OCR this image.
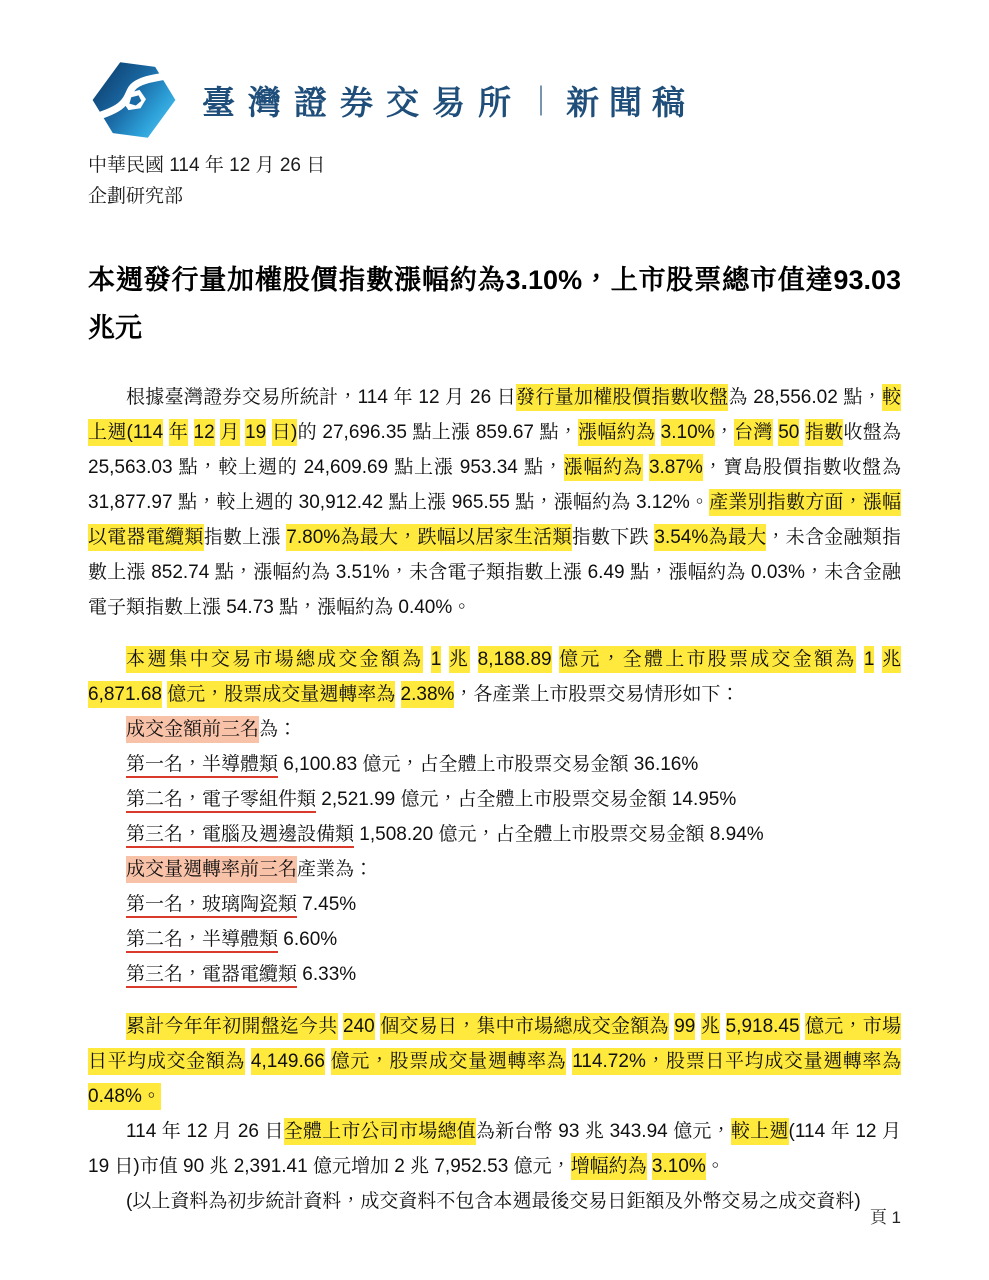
臺灣證券交易所 ｜ 新聞稿
中華民國 114 年 12 月 26 日
企劃研究部
本週發行量加權股價指數漲幅約為3.10%，上市股票總市值達93.03兆元
根據臺灣證券交易所統計，114 年 12 月 26 日發行量加權股價指數收盤為 28,556.02 點，較上週(114 年 12 月 19 日)的 27,696.35 點上漲 859.67 點，漲幅約為 3.10%，台灣 50 指數收盤為 25,563.03 點，較上週的 24,609.69 點上漲 953.34 點，漲幅約為 3.87%，寶島股價指數收盤為 31,877.97 點，較上週的 30,912.42 點上漲 965.55 點，漲幅約為 3.12%。產業別指數方面，漲幅以電器電纜類指數上漲 7.80%為最大，跌幅以居家生活類指數下跌 3.54%為最大，未含金融類指數上漲 852.74 點，漲幅約為 3.51%，未含電子類指數上漲 6.49 點，漲幅約為 0.03%，未含金融電子類指數上漲 54.73 點，漲幅約為 0.40%。
本週集中交易市場總成交金額為 1 兆 8,188.89 億元，全體上市股票成交金額為 1 兆 6,871.68 億元，股票成交量週轉率為 2.38%，各產業上市股票交易情形如下：
成交金額前三名為：
第一名，半導體類 6,100.83 億元，占全體上市股票交易金額 36.16%
第二名，電子零組件類 2,521.99 億元，占全體上市股票交易金額 14.95%
第三名，電腦及週邊設備類 1,508.20 億元，占全體上市股票交易金額 8.94%
成交量週轉率前三名產業為：
第一名，玻璃陶瓷類 7.45%
第二名，半導體類 6.60%
第三名，電器電纜類 6.33%
累計今年年初開盤迄今共 240 個交易日，集中市場總成交金額為 99 兆 5,918.45 億元，市場日平均成交金額為 4,149.66 億元，股票成交量週轉率為 114.72%，股票日平均成交量週轉率為 0.48%。
114 年 12 月 26 日全體上市公司市場總值為新台幣 93 兆 343.94 億元，較上週(114 年 12 月 19 日)市值 90 兆 2,391.41 億元增加 2 兆 7,952.53 億元，增幅約為 3.10%。
(以上資料為初步統計資料，成交資料不包含本週最後交易日鉅額及外幣交易之成交資料)
頁 1
